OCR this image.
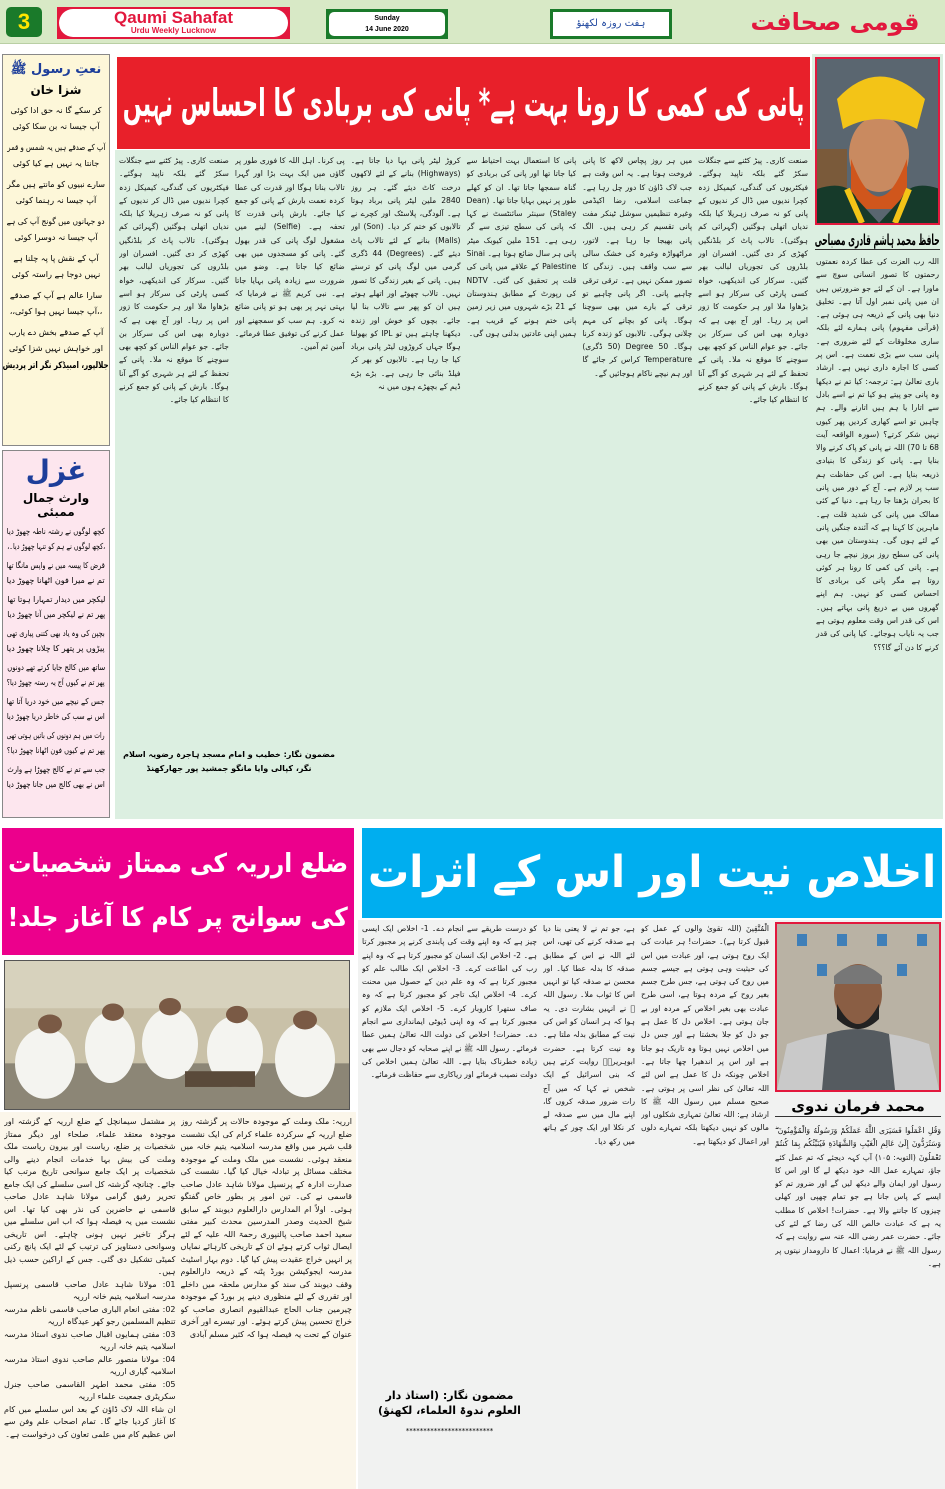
3	Qaumi Sahafat
Urdu Weekly Lucknow
Sunday
14 June 2020
ہفت روزہ لکھنؤ	قومی صحافت
نعتِ رسول ﷺ
شزا خان
کر سکے گا نہ حق ادا کوئی
آپ جیسا نہ بن سکا کوئی
آپ کے صدقے ہیں یہ شمس و قمر
جانتا یہ نہیں ہے کیا کوئی
سارے نبیوں کو مانتے ہیں مگر
آپ جیسا نہ رہنما کوئی
دو جہانوں میں گونج آپ کی ہے
آپ جیسا نہ دوسرا کوئی
آپ کے نقش پا پہ چلنا ہے
نہیں دوجا ہے راستہ کوئی
سارا عالم ہے آپ کے صدقے
،،آپ جیسا نہیں ہوا کوئی،،
آپ کے صدقے بخش دے یارب
اور خواہش نہیں شزا کوئی
جلالپور، امبیڈکر نگر اتر پردیش
غزل
وارث جمال ممبئی
کچھ لوگوں نے رشتہ ناطہ چھوڑ دیا
،کچھ لوگوں نے ہم کو تنہا چھوڑ دیا۔،
قرض کا پیسہ میں نے واپس مانگا تھا
تم نے میرا فون اٹھانا چھوڑ دیا
لیکچر میں دیدار تمہارا ہوتا تھا
پھر تم نے لیکچر میں آنا چھوڑ دیا
بچپن کی وہ یاد بھی کتنی پیاری تھی
پیڑوں پر پتھر کا چلانا چھوڑ دیا
ساتھ میں کالج جایا کرتے تھے دونوں
پھر تم نے کیوں آج یہ رستہ چھوڑ دیا؟
جس کے نیچے میں خود دریا آتا تھا
اس نے سب کی خاطر دریا چھوڑ دیا
رات میں ہم دونوں کی باتیں ہوتی تھی
پھر تم نے کیوں فون اٹھانا چھوڑ دیا؟
جب سے تم نے کالج چھوڑا ہے وارث
اس نے بھی کالج میں جانا چھوڑ دیا
پانی کی کمی کا رونا بہت ہے* پانی کی بربادی کا احساس نہیں
حافظ محمد ہاشم قادری مصباحی
اللہ رب العزت کی عطا کردہ نعمتوں رحمتوں کا تصور انسانی سوچ سے ماورا ہے۔ ان کے لئے جو ضرورتیں ہیں ان میں پانی نمبر اول آتا ہے۔ تخلیق دنیا بھی پانی کے ذریعہ ہی ہوئی ہے۔ (قرآنی مفہوم) پانی ہمارے لئے بلکہ ساری مخلوقات کے لئے ضروری ہے۔ پانی سب سے بڑی نعمت ہے۔ اس پر کسی کا اجارہ داری نہیں ہے۔ ارشاد باری تعالیٰ ہے: ترجمہ: کیا تم نے دیکھا وہ پانی جو پیتے ہو کیا تم نے اسے بادل سے اتارا یا ہم ہیں اتارنے والے۔ ہم چاہیں تو اسے کھاری کردیں پھر کیوں نہیں شکر کرتے؟ (سورہ الواقعہ آیت 68 تا 70) اللہ نے پانی کو پاک کرنے والا بنایا ہے۔ پانی کو زندگی کا بنیادی ذریعہ بنایا ہے۔ اس کی حفاظت ہم سب پر لازم ہے۔ آج کے دور میں پانی کا بحران بڑھتا جا رہا ہے۔ دنیا کے کئی ممالک میں پانی کی شدید قلت ہے۔ ماہرین کا کہنا ہے کہ آئندہ جنگیں پانی کے لئے ہوں گی۔ ہندوستان میں بھی پانی کی سطح روز بروز نیچے جا رہی ہے۔ پانی کی کمی کا رونا ہر کوئی روتا ہے مگر پانی کی بربادی کا احساس کسی کو نہیں۔ ہم اپنے گھروں میں بے دریغ پانی بہاتے ہیں۔ اس کی قدر اس وقت معلوم ہوتی ہے جب یہ نایاب ہوجائے۔ کیا پانی کی قدر کرنے کا دن آئے گا؟؟؟
صنعت کاری۔ پیڑ کٹنے سے جنگلات سکڑ گئے بلکہ ناپید ہوگئے۔ فیکٹریوں کی گندگی، کیمیکل زدہ کچرا ندیوں میں ڈال کر ندیوں کے پانی کو نہ صرف زہریلا کیا بلکہ ندیاں اتھلی ہوگئیں (گہرائی کم ہوگئی)۔ تالاب پاٹ کر بلڈنگیں کھڑی کر دی گئیں۔ افسران اور بلڈروں کی تجوریاں لبالب بھر گئیں۔ سرکار کی اندیکھی، خواہ کسی پارٹی کی سرکار ہو اسے بڑھاوا ملا اور ہر حکومت کا زور اس پر رہا۔ اور آج بھی ہے کہ دوبارہ بھی اس کی سرکار بن جائے۔ جو عوام الناس کو کچھ بھی سوچنے کا موقع نہ ملا۔ پانی کے تحفظ کے لئے ہر شہری کو آگے آنا ہوگا۔ بارش کے پانی کو جمع کرنے کا انتظام کیا جائے۔
میں ہر روز پچاس لاکھ کا پانی فروخت ہوتا ہے۔ یہ اس وقت ہے جب لاک ڈاؤن کا دور چل رہا ہے۔ جماعت اسلامی، رضا اکیڈمی وغیرہ تنظیمیں سوشل ٹینکر مفت پانی تقسیم کر رہی ہیں۔ الگ پانی بھیجا جا رہا ہے۔ لاتور، مراٹھواڑہ وغیرہ کی خشک سالی سے سب واقف ہیں۔ زندگی کا تصور ممکن نہیں ہے۔ ترقی ترقی چاہیے پانی۔ اگر پانی چاہیے تو ترقی کے بارے میں بھی سوچنا ہوگا۔ پانی کو بچانے کی مہم چلانی ہوگی۔ تالابوں کو زندہ کرنا ہوگا۔ Degree 50 (50 ڈگری) Temperature کراس کر جائے گا اور ہم نیچے ناکام ہوجائیں گے۔
پانی کا استعمال بہت احتیاط سے کیا جاتا تھا اور پانی کی بربادی کو گناہ سمجھا جاتا تھا۔ ان کو کھلے طور پر نہیں بہایا جاتا تھا۔ (Dean Staley) سینئر سائنٹسٹ نے کہا کہ پانی کی سطح تیزی سے گر رہی ہے۔ 151 ملین کیوبک میٹر پانی ہر سال ضائع ہوتا ہے۔ Sinai Palestine کے علاقے میں پانی کی قلت پر تحقیق کی گئی۔ NDTV کی رپورٹ کے مطابق ہندوستان کے 21 بڑے شہروں میں زیر زمین پانی ختم ہونے کے قریب ہے۔ ہمیں اپنی عادتیں بدلنی ہوں گی۔
کروڑ لیٹر پانی بہا دیا جاتا ہے۔ (Highways) بنانے کے لئے لاکھوں درخت کاٹ دیئے گئے۔ ہر روز 2840 ملین لیٹر پانی برباد ہوتا ہے۔ آلودگی، پلاسٹک اور کچرے نے تالابوں کو ختم کر دیا۔ (Son) اور (Malls) بنانے کے لئے تالاب پاٹ دیئے گئے۔ (Degrees) 44 ڈگری گرمی میں لوگ پانی کو ترستے ہیں۔ پانی کے بغیر زندگی کا تصور نہیں۔ تالاب چھوٹے اور اتھلے ہوتے ہیں ان کو پھر سے تالاب بنا لیا جائے۔ بچوں کو خوش اور زندہ دیکھنا چاہتے ہیں تو IPL کو بھولنا ہوگا جہاں کروڑوں لیٹر پانی برباد کیا جا رہا ہے۔ تالابوں کو بھر کر فیلڈ بنائی جا رہی ہے۔ بڑے بڑے ڈیم کے بچھڑے ہوں میں نہ
پی کرنا۔ اہل اللہ کا فوری طور پر گاؤں میں ایک بہت بڑا اور گہرا تالاب بنانا ہوگا اور قدرت کی عطا کردہ نعمت بارش کے پانی کو جمع کیا جائے۔ بارش پانی قدرت کا تحفہ ہے۔ (Selfie) لینے میں مشغول لوگ پانی کی قدر بھول گئے۔ پانی کو مسجدوں میں بھی ضائع کیا جاتا ہے۔ وضو میں ضرورت سے زیادہ پانی بہایا جاتا ہے۔ نبی کریم ﷺ نے فرمایا کہ بہتی نہر پر بھی ہو تو پانی ضائع نہ کرو۔ ہم سب کو سمجھنے اور عمل کرنے کی توفیق عطا فرمائے۔ آمین ثم آمین۔
صنعت کاری۔ پیڑ کٹنے سے جنگلات سکڑ گئے بلکہ ناپید ہوگئے۔ فیکٹریوں کی گندگی، کیمیکل زدہ کچرا ندیوں میں ڈال کر ندیوں کے پانی کو نہ صرف زہریلا کیا بلکہ ندیاں اتھلی ہوگئیں (گہرائی کم ہوگئی)۔ تالاب پاٹ کر بلڈنگیں کھڑی کر دی گئیں۔ افسران اور بلڈروں کی تجوریاں لبالب بھر گئیں۔ سرکار کی اندیکھی، خواہ کسی پارٹی کی سرکار ہو اسے بڑھاوا ملا اور ہر حکومت کا زور اس پر رہا۔ اور آج بھی ہے کہ دوبارہ بھی اس کی سرکار بن جائے۔ جو عوام الناس کو کچھ بھی سوچنے کا موقع نہ ملا۔ پانی کے تحفظ کے لئے ہر شہری کو آگے آنا ہوگا۔ بارش کے پانی کو جمع کرنے کا انتظام کیا جائے۔
مضمون نگار: خطیب و امام مسجد ہاجرہ رضویہ اسلام نگر، کپالی وایا مانگو جمشید پور جھارکھنڈ
ضلع ارریہ کی ممتاز شخصیات
کی سوانح پر کام کا آغاز جلد!
ارریہ: ملک وملت کے موجودہ حالات پر گزشتہ روز ضلع ارریہ کے سرکردہ علماء کرام کی ایک نشست قلب شہر میں واقع مدرسہ اسلامیہ یتیم خانہ میں منعقد ہوئی۔ نشست میں ملک وملت کے موجودہ مختلف مسائل پر تبادلہ خیال کیا گیا۔ نشست کی صدارت ادارہ کے پرنسپل مولانا شاہد عادل صاحب قاسمی نے کی۔ تین امور پر بطور خاص گفتگو ہوئی۔ اولاً ام المدارس دارالعلوم دیوبند کے سابق شیخ الحدیث وصدر المدرسین محدث کبیر مفتی سعید احمد صاحب پالنپوری رحمۃ اللہ علیہ کے لئے ایصال ثواب کرتے ہوئے ان کے تاریخی کارہائے نمایاں پر انہیں خراج عقیدت پیش کیا گیا۔ دوم بہار اسٹیٹ مدرسہ ایجوکیشن بورڈ پٹنہ کے ذریعہ دارالعلوم وقف دیوبند کی سند کو مدارس ملحقہ میں داخلے اور تقرری کے لئے منظوری دینے پر بورڈ کے موجودہ چیرمین جناب الحاج عبدالقیوم انصاری صاحب کو خراج تحسین پیش کرتے ہوئے۔ اور تیسرے اور آخری عنوان کے تحت یہ فیصلہ ہوا کہ کثیر مسلم آبادی
پر مشتمل سیمانچل کے ضلع ارریہ کے گزشتہ اور موجودہ معتقد علماء، صلحاء اور دیگر ممتاز شخصیات پر ضلع، ریاست اور بیرون ریاست ملک وملت کی بیش بہا خدمات انجام دینے والی شخصیات پر ایک جامع سوانحی تاریخ مرتب کیا جائے۔ چنانچہ گزشتہ کل اسی سلسلے کی ایک جامع تحریر رفیق گرامی مولانا شاہد عادل صاحب قاسمی نے حاضرین کی نذر بھی کیا تھا۔ اس نشست میں یہ فیصلہ ہوا کہ اب اس سلسلے میں ہرگز تاخیر نہیں ہونی چاہئے۔ اس تاریخی وسوانحی دستاویز کی ترتیب کے لئے ایک پانچ رکنی کمیٹی تشکیل دی گئی۔ جس کے اراکین حسب ذیل ہیں۔
01: مولانا شاہد عادل صاحب قاسمی پرنسپل مدرسہ اسلامیہ یتیم خانہ ارریہ
02: مفتی انعام الباری صاحب قاسمی ناظم مدرسہ تنظیم المسلمین رجو کھر عیدگاہ ارریہ
03: مفتی ہمایوں اقبال صاحب ندوی استاذ مدرسہ اسلامیہ یتیم خانہ ارریہ
04: مولانا منصور عالم صاحب ندوی استاذ مدرسہ اسلامیہ گیاری ارریہ
05: مفتی محمد اطہر القاسمی صاحب جنرل سکریٹری جمعیت علماء ارریہ
ان شاء اللہ لاک ڈاؤن کے بعد اس سلسلے میں کام کا آغاز کردیا جائے گا۔ تمام اصحاب علم وفن سے اس عظیم کام میں علمی تعاون کی درخواست ہے۔
محمد فرمان ندوی
وَقُلِ اعْمَلُوا فَسَيَرَى اللَّهُ عَمَلَكُمْ وَرَسُولُهُ وَالْمُؤْمِنُونَ ۖ وَسَتُرَدُّونَ إِلَىٰ عَالِمِ الْغَيْبِ وَالشَّهَادَةِ فَيُنَبِّئُكُم بِمَا كُنتُمْ تَعْمَلُونَ (التوبہ: ۱۰۵) آپ کہہ دیجئے کہ تم عمل کئے جاؤ، تمہارے عمل اللہ خود دیکھ لے گا اور اس کا رسول اور ایمان والے دیکھ لیں گے اور ضرور تم کو ایسے کے پاس جانا ہے جو تمام چھپی اور کھلی چیزوں کا جاننے والا ہے۔ حضرات! اخلاص کا مطلب یہ ہے کہ عبادت خالص اللہ کی رضا کے لئے کی جائے۔ حضرت عمر رضی اللہ عنہ سے روایت ہے کہ رسول اللہ ﷺ نے فرمایا: اعمال کا دارومدار نیتوں پر ہے۔
الْمُتَّقِينَ (اللہ تقویٰ والوں کے عمل کو قبول کرتا ہے)۔ حضرات! ہر عبادت کی ایک روح ہوتی ہے، اور عبادت میں اس کی حیثیت وہی ہوتی ہے جیسے جسم میں روح کی ہوتی ہے، جس طرح جسم بغیر روح کے مردہ ہوتا ہے، اسی طرح عبادت بھی بغیر اخلاص کے مردہ اور بے جان ہوتی ہے۔ اخلاص دل کا عمل ہے جو دل کو جلا بخشتا ہے اور جس دل میں اخلاص نہیں ہوتا وہ تاریک ہو جاتا ہے اور اس پر اندھیرا چھا جاتا ہے۔ اخلاص چونکہ دل کا عمل ہے اس لئے اللہ تعالیٰ کی نظر اسی پر ہوتی ہے۔ صحیح مسلم میں رسول اللہ ﷺ کا ارشاد ہے: اللہ تعالیٰ تمہاری شکلوں اور مالوں کو نہیں دیکھتا بلکہ تمہارے دلوں اور اعمال کو دیکھتا ہے۔
ہے، جو تم نے لا یعنی بنا دیا ہے صدقہ کرنے کی تھی، اس لئے اللہ نے اس کے مطابق صدقہ کا بدلہ عطا کیا۔ اور محسن نے صدقہ کیا تو انہیں اس کا ثواب ملا۔ رسول اللہ ﷺ نے انہیں بشارت دی۔ یہ ہوا کہ ہر انسان کو اس کی نیت کے مطابق بدلہ ملتا ہے۔ وہ نیت کرتا ہے۔ حضرت ابوہریرہؓ روایت کرتے ہیں کہ بنی اسرائیل کے ایک شخص نے کہا کہ میں آج رات ضرور صدقہ کروں گا، اپنے مال میں سے صدقہ لے کر نکلا اور ایک چور کے ہاتھ میں رکھ دیا۔
کو درست طریقے سے انجام دے۔ 1- اخلاص ایک ایسی چیز ہے کہ وہ اپنے وقت کی پابندی کرنے پر مجبور کرتا ہے۔ 2- اخلاص ایک انسان کو مجبور کرتا ہے کہ وہ اپنے رب کی اطاعت کرے۔ 3- اخلاص ایک طالب علم کو مجبور کرتا ہے کہ وہ علم دین کے حصول میں محنت کرے۔ 4- اخلاص ایک تاجر کو مجبور کرتا ہے کہ وہ صاف ستھرا کاروبار کرے۔ 5- اخلاص ایک ملازم کو مجبور کرتا ہے کہ وہ اپنی ڈیوٹی ایمانداری سے انجام دے۔ حضرات! اخلاص کی دولت اللہ تعالیٰ ہمیں عطا فرمائے۔ رسول اللہ ﷺ نے اپنے صحابہ کو دجال سے بھی زیادہ خطرناک بتایا ہے۔ اللہ تعالیٰ ہمیں اخلاص کی دولت نصیب فرمائے اور ریاکاری سے حفاظت فرمائے۔
مضمون نگار: (استاذ دار
العلوم ندوۃ العلماء، لکھنؤ)
*************************
اخلاص نیت اور اس کے اثرات
